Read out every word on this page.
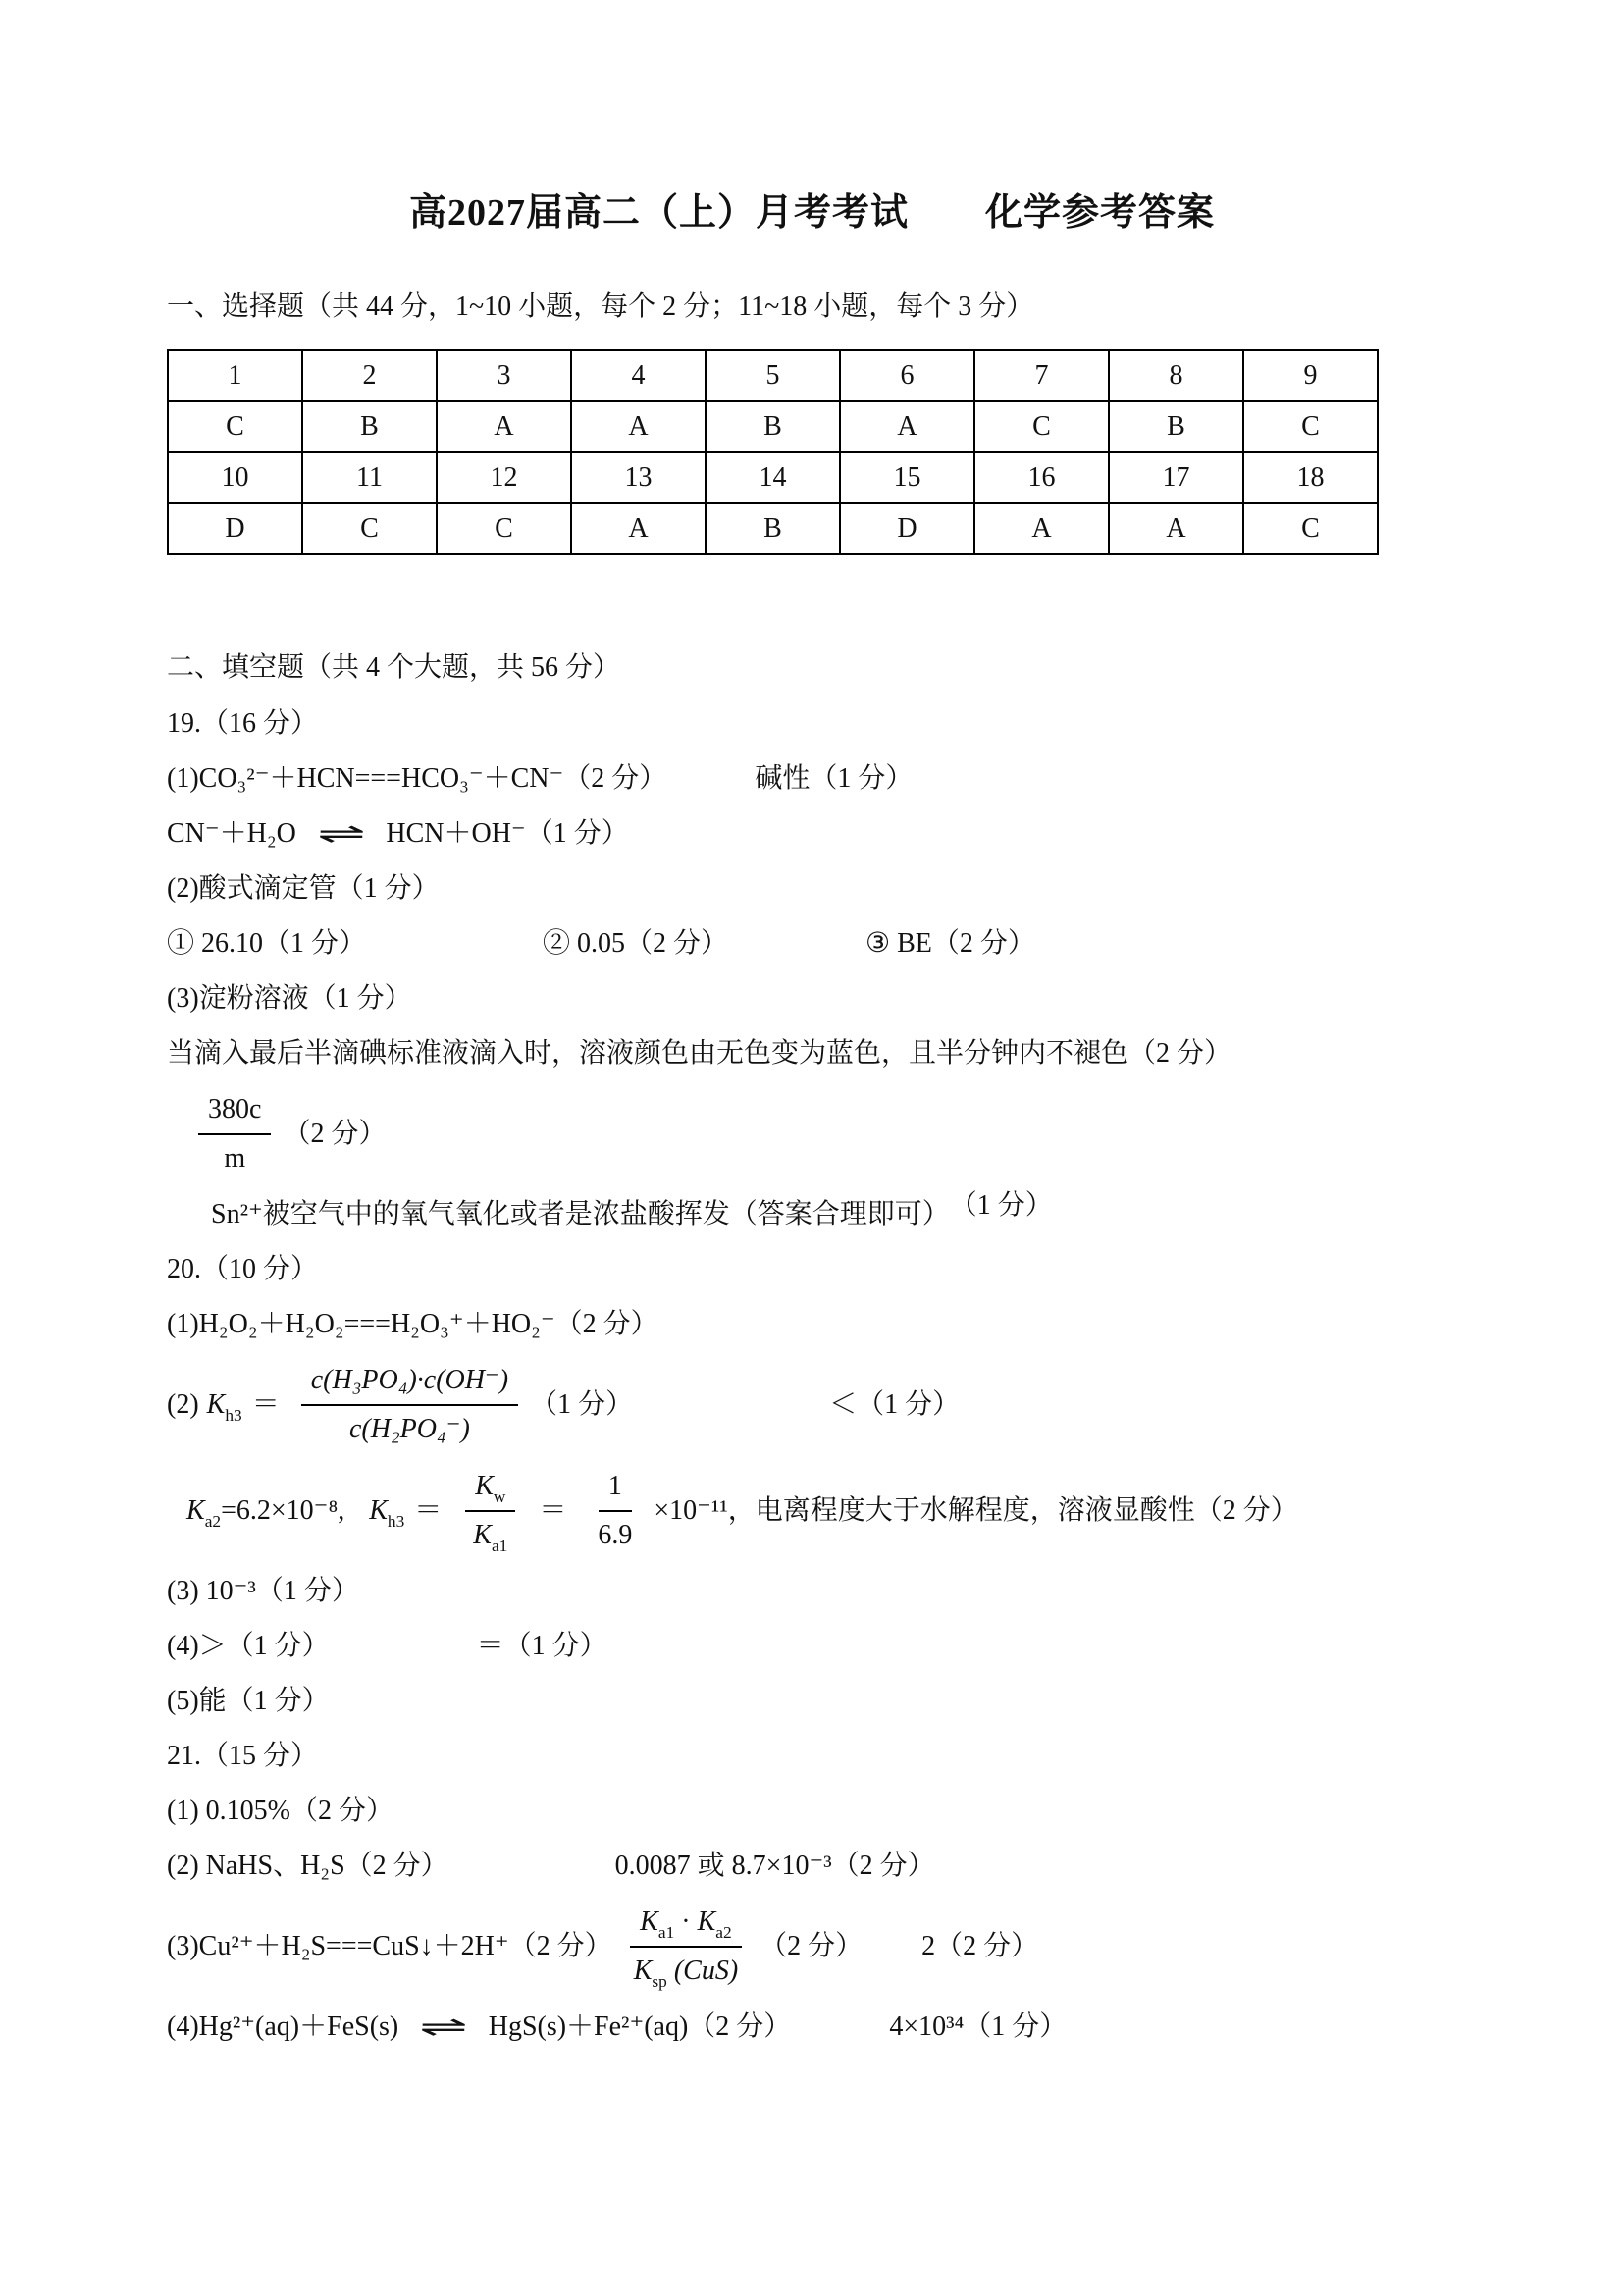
高2027届高二（上）月考考试　　化学参考答案

一、选择题（共 44 分，1~10 小题，每个 2 分；11~18 小题，每个 3 分）

1	2	3	4	5	6	7	8	9
C	B	A	A	B	A	C	B	C
10	11	12	13	14	15	16	17	18
D	C	C	A	B	D	A	A	C

二、填空题（共 4 个大题，共 56 分）

19.（16 分）
(1)CO₃²⁻＋HCN===HCO₃⁻＋CN⁻（2 分）	碱性（1 分）
CN⁻＋H₂O ⇌ HCN＋OH⁻（1 分）
(2)酸式滴定管（1 分）
① 26.10（1 分）	② 0.05（2 分）	③ BE（2 分）
(3)淀粉溶液（1 分）
当滴入最后半滴碘标准液滴入时，溶液颜色由无色变为蓝色，且半分钟内不褪色（2 分）
$\frac{380c}{m} (2$ 分）
Sn²⁺被空气中的氧气氧化或者是浓盐酸挥发（答案合理即可） （1 分）
20.（10 分）
(1)H₂O₂＋H₂O₂===H₂O₃⁺＋HO₂⁻（2 分）
(2) $Kh3 = \frac{\text{c(H₃PO₄)·c(OH⁻)}}{\text{c(H₂PO₄⁻)}} (1$ 分）	＜（1 分）
Ka2 =6.2×10⁻⁸, $Kh3 = \frac{Kw}{Ka1} = \frac{1}{6.9} \times 10^{-11}$ ，电离程度大于水解程度，溶液显酸性（2 分）
(3) 10⁻³（1 分）
(4)＞（1 分）	＝（1 分）
(5)能（1 分）
21.（15 分）
(1) 0.105%（2 分）
(2) NaHS、H₂S（2 分）	0.0087 或 8.7×10⁻³（2 分）
(3)Cu²⁺＋H₂S===CuS↓＋2H⁺（2 分） $\frac{Ka1 \cdot Ka2}{\text{Ksp (CuS)}} (2$ 分） 2（2 分）
(4)Hg²⁺(aq)＋FeS(s) ⇌ HgS(s)＋Fe²⁺(aq)（2 分）	4×10³⁴（1 分）
